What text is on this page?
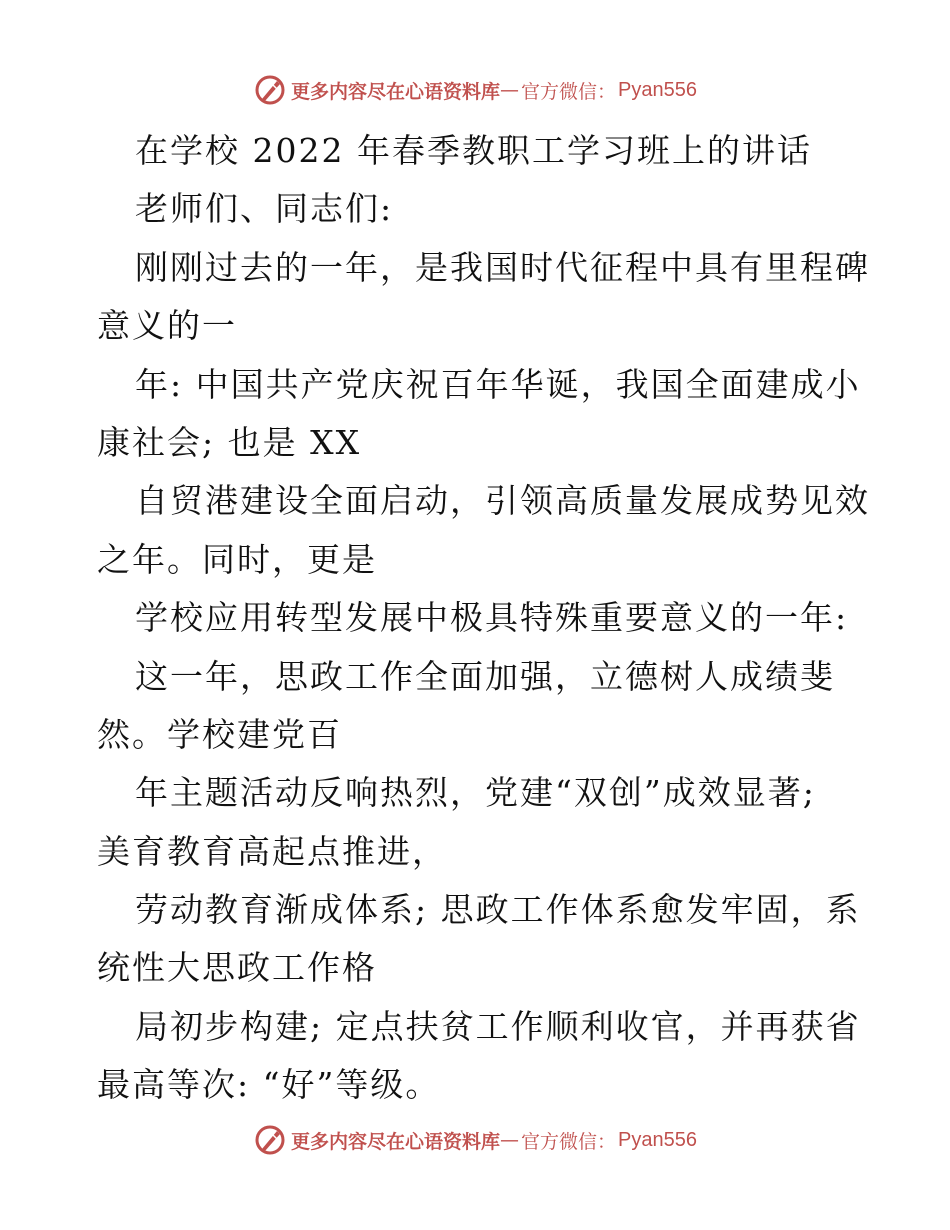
更多内容尽在心语资料库 — 官方微信： Pyan556
在学校 2022 年春季教职工学习班上的讲话
老师们、同志们:
刚刚过去的一年，是我国时代征程中具有里程碑
意义的一
年: 中国共产党庆祝百年华诞，我国全面建成小
康社会; 也是 XX
自贸港建设全面启动，引领高质量发展成势见效
之年。同时，更是
学校应用转型发展中极具特殊重要意义的一年:
这一年，思政工作全面加强，立德树人成绩斐
然。学校建党百
年主题活动反响热烈，党建“双创”成效显著;
美育教育高起点推进，
劳动教育渐成体系; 思政工作体系愈发牢固，系
统性大思政工作格
局初步构建; 定点扶贫工作顺利收官，并再获省
最高等次: “好”等级。
更多内容尽在心语资料库 — 官方微信： Pyan556
